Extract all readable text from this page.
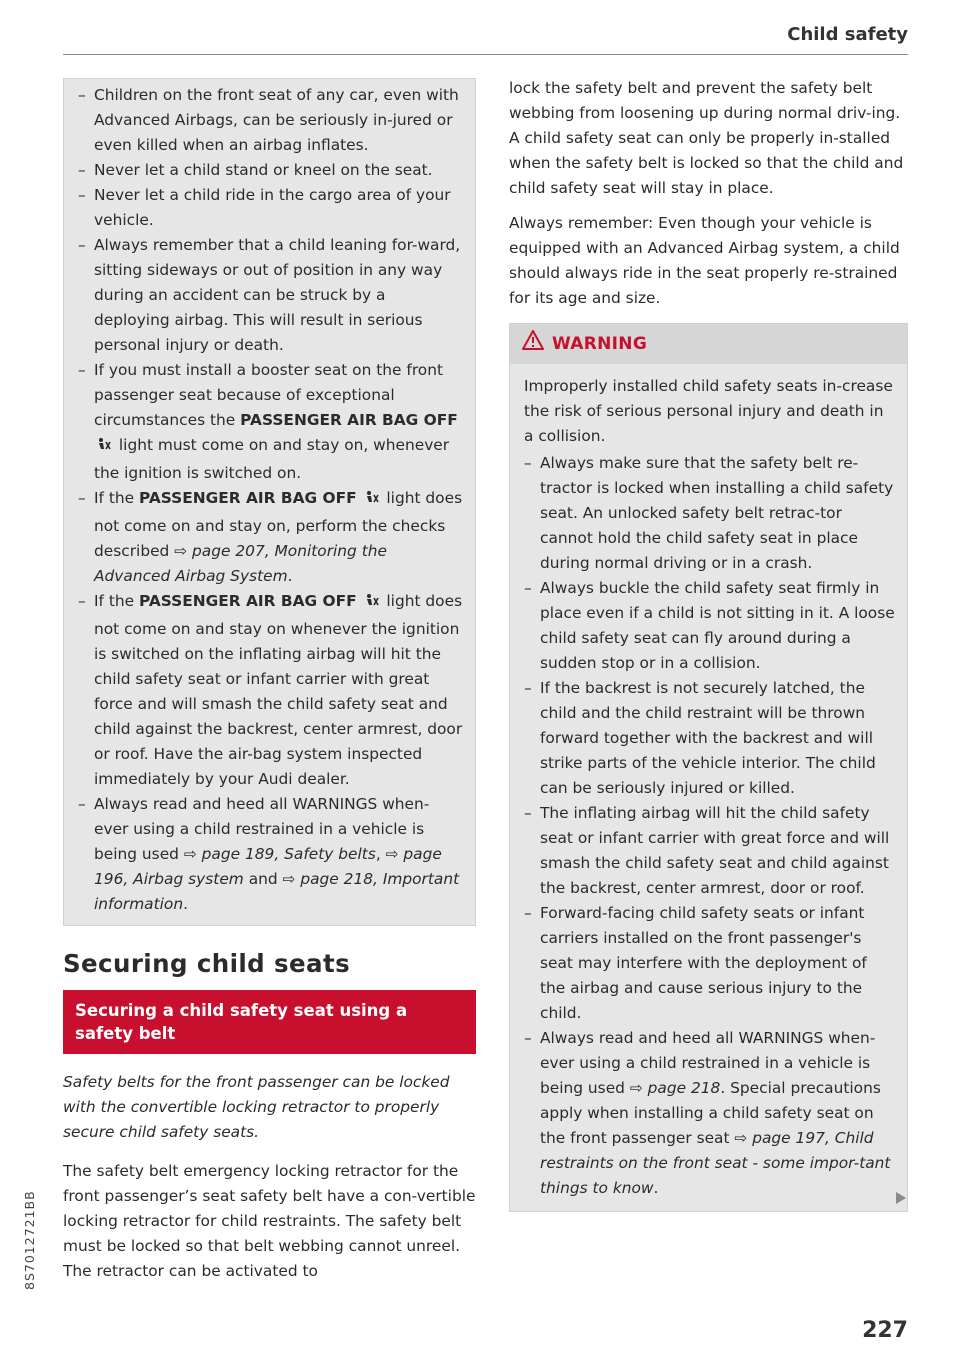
Child safety
– Children on the front seat of any car, even with Advanced Airbags, can be seriously in-jured or even killed when an airbag inflates.
– Never let a child stand or kneel on the seat.
– Never let a child ride in the cargo area of your vehicle.
– Always remember that a child leaning for-ward, sitting sideways or out of position in any way during an accident can be struck by a deploying airbag. This will result in serious personal injury or death.
– If you must install a booster seat on the front passenger seat because of exceptional circumstances the PASSENGER AIR BAG OFF  light must come on and stay on, whenever the ignition is switched on.
– If the PASSENGER AIR BAG OFF  light does not come on and stay on, perform the checks described ⇨ page 207, Monitoring the Advanced Airbag System.
– If the PASSENGER AIR BAG OFF  light does not come on and stay on whenever the ignition is switched on the inflating airbag will hit the child safety seat or infant carrier with great force and will smash the child safety seat and child against the backrest, center armrest, door or roof. Have the air-bag system inspected immediately by your Audi dealer.
– Always read and heed all WARNINGS when-ever using a child restrained in a vehicle is being used ⇨ page 189, Safety belts, ⇨ page 196, Airbag system and ⇨ page 218, Important information.
Securing child seats
Securing a child safety seat using a safety belt

Safety belts for the front passenger can be locked with the convertible locking retractor to properly secure child safety seats.

The safety belt emergency locking retractor for the front passenger’s seat safety belt have a con-vertible locking retractor for child restraints. The safety belt must be locked so that belt webbing cannot unreel. The retractor can be activated to

lock the safety belt and prevent the safety belt webbing from loosening up during normal driv-ing. A child safety seat can only be properly in-stalled when the safety belt is locked so that the child and child safety seat will stay in place.

Always remember: Even though your vehicle is equipped with an Advanced Airbag system, a child should always ride in the seat properly re-strained for its age and size.

WARNING

Improperly installed child safety seats in-crease the risk of serious personal injury and death in a collision.

– Always make sure that the safety belt re-tractor is locked when installing a child safety seat. An unlocked safety belt retrac-tor cannot hold the child safety seat in place during normal driving or in a crash.
– Always buckle the child safety seat firmly in place even if a child is not sitting in it. A loose child safety seat can fly around during a sudden stop or in a collision.
– If the backrest is not securely latched, the child and the child restraint will be thrown forward together with the backrest and will strike parts of the vehicle interior. The child can be seriously injured or killed.
– The inflating airbag will hit the child safety seat or infant carrier with great force and will smash the child safety seat and child against the backrest, center armrest, door or roof.
– Forward-facing child safety seats or infant carriers installed on the front passenger's seat may interfere with the deployment of the airbag and cause serious injury to the child.
– Always read and heed all WARNINGS when-ever using a child restrained in a vehicle is being used ⇨ page 218. Special precautions apply when installing a child safety seat on the front passenger seat ⇨ page 197, Child restraints on the front seat - some impor-tant things to know.
227
8S7012721BB
